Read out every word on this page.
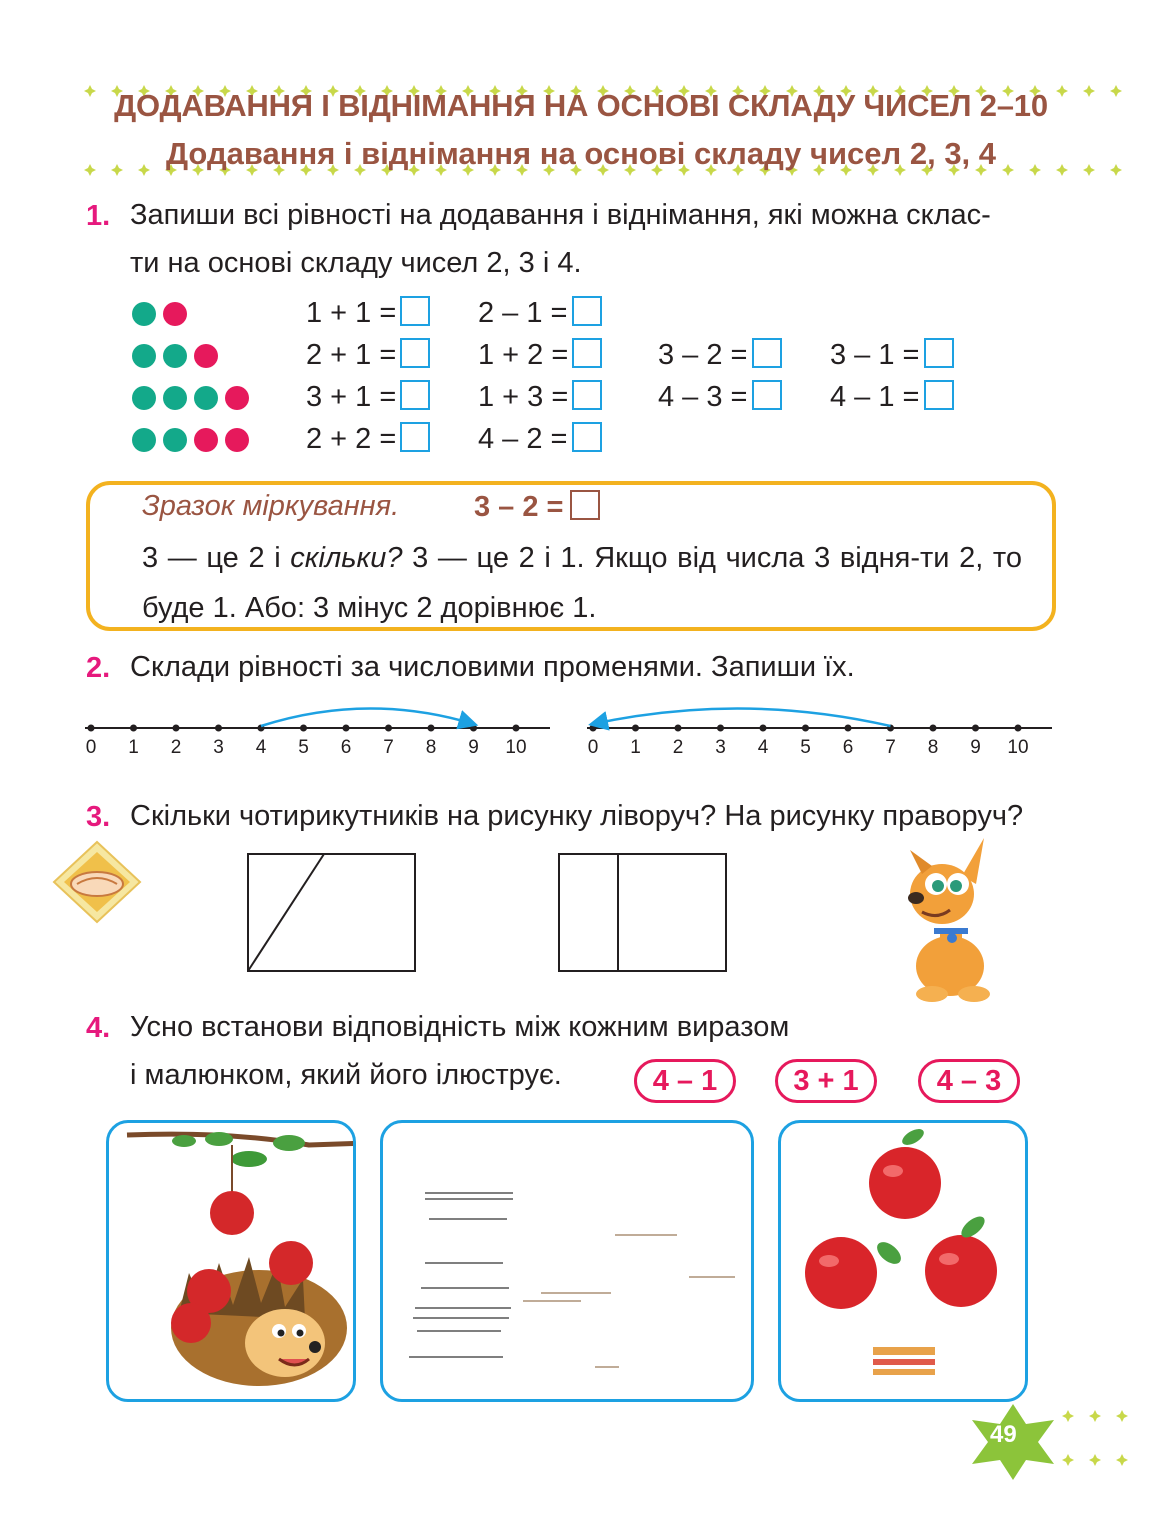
ДОДАВАННЯ І ВІДНІМАННЯ НА ОСНОВІ СКЛАДУ ЧИСЕЛ 2–10
Додавання і віднімання на основі складу чисел 2, 3, 4
1. Запиши всі рівності на додавання і віднімання, які можна склас-
ти на основі складу чисел 2, 3 і 4.
1 + 1 =	2 – 1 =
2 + 1 =	1 + 2 =	3 – 2 =	3 – 1 =
3 + 1 =	1 + 3 =	4 – 3 =	4 – 1 =
2 + 2 =	4 – 2 =
Зразок міркування.	3 – 2 =
3 — це 2 і скільки? 3 — це 2 і 1. Якщо від числа 3 відня-ти 2, то буде 1. Або: 3 мінус 2 дорівнює 1.
2. Склади рівності за числовими променями. Запиши їх.
0	1	2	3	4	5	6	7	8	9	10	0	1	2	3	4	5	6	7	8	9	10
3. Скільки чотирикутників на рисунку ліворуч? На рисунку праворуч?
4. Усно встанови відповідність між кожним виразом
і малюнком, який його ілюструє.	4 – 1	3 + 1	4 – 3
49
